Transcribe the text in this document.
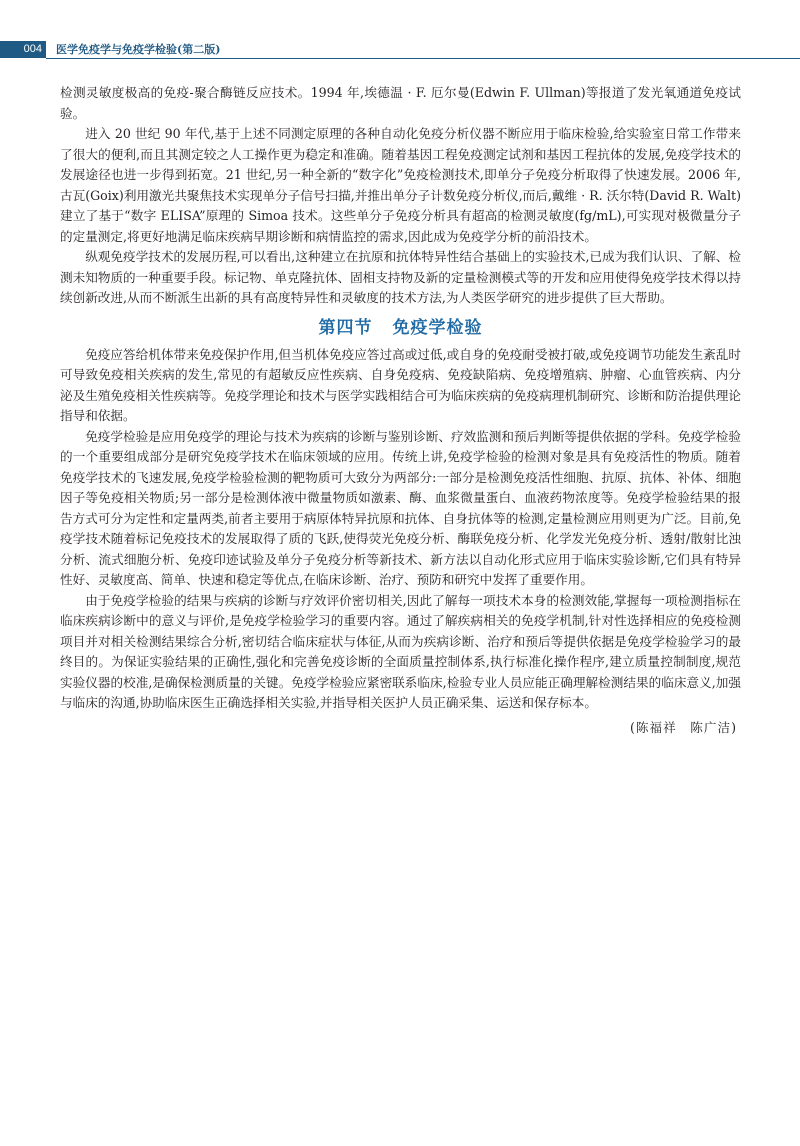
004	医学免疫学与免疫学检验(第二版)

检测灵敏度极高的免疫-聚合酶链反应技术。1994 年,埃德温 · F. 厄尔曼(Edwin F. Ullman)等报道了发光氧通道免疫试验。

进入 20 世纪 90 年代,基于上述不同测定原理的各种自动化免疫分析仪器不断应用于临床检验,给实验室日常工作带来了很大的便利,而且其测定较之人工操作更为稳定和准确。随着基因工程免疫测定试剂和基因工程抗体的发展,免疫学技术的发展途径也进一步得到拓宽。21 世纪,另一种全新的“数字化”免疫检测技术,即单分子免疫分析取得了快速发展。2006 年,古瓦(Goix)利用激光共聚焦技术实现单分子信号扫描,并推出单分子计数免疫分析仪,而后,戴维 · R. 沃尔特(David R. Walt)建立了基于“数字 ELISA”原理的 Simoa 技术。这些单分子免疫分析具有超高的检测灵敏度(fg/mL),可实现对极微量分子的定量测定,将更好地满足临床疾病早期诊断和病情监控的需求,因此成为免疫学分析的前沿技术。

纵观免疫学技术的发展历程,可以看出,这种建立在抗原和抗体特异性结合基础上的实验技术,已成为我们认识、了解、检测未知物质的一种重要手段。标记物、单克隆抗体、固相支持物及新的定量检测模式等的开发和应用使得免疫学技术得以持续创新改进,从而不断派生出新的具有高度特异性和灵敏度的技术方法,为人类医学研究的进步提供了巨大帮助。

第四节 免疫学检验

免疫应答给机体带来免疫保护作用,但当机体免疫应答过高或过低,或自身的免疫耐受被打破,或免疫调节功能发生紊乱时可导致免疫相关疾病的发生,常见的有超敏反应性疾病、自身免疫病、免疫缺陷病、免疫增殖病、肿瘤、心血管疾病、内分泌及生殖免疫相关性疾病等。免疫学理论和技术与医学实践相结合可为临床疾病的免疫病理机制研究、诊断和防治提供理论指导和依据。

免疫学检验是应用免疫学的理论与技术为疾病的诊断与鉴别诊断、疗效监测和预后判断等提供依据的学科。免疫学检验的一个重要组成部分是研究免疫学技术在临床领域的应用。传统上讲,免疫学检验的检测对象是具有免疫活性的物质。随着免疫学技术的飞速发展,免疫学检验检测的靶物质可大致分为两部分:一部分是检测免疫活性细胞、抗原、抗体、补体、细胞因子等免疫相关物质;另一部分是检测体液中微量物质如激素、酶、血浆微量蛋白、血液药物浓度等。免疫学检验结果的报告方式可分为定性和定量两类,前者主要用于病原体特异抗原和抗体、自身抗体等的检测,定量检测应用则更为广泛。目前,免疫学技术随着标记免疫技术的发展取得了质的飞跃,使得荧光免疫分析、酶联免疫分析、化学发光免疫分析、透射/散射比浊分析、流式细胞分析、免疫印迹试验及单分子免疫分析等新技术、新方法以自动化形式应用于临床实验诊断,它们具有特异性好、灵敏度高、简单、快速和稳定等优点,在临床诊断、治疗、预防和研究中发挥了重要作用。

由于免疫学检验的结果与疾病的诊断与疗效评价密切相关,因此了解每一项技术本身的检测效能,掌握每一项检测指标在临床疾病诊断中的意义与评价,是免疫学检验学习的重要内容。通过了解疾病相关的免疫学机制,针对性选择相应的免疫检测项目并对相关检测结果综合分析,密切结合临床症状与体征,从而为疾病诊断、治疗和预后等提供依据是免疫学检验学习的最终目的。为保证实验结果的正确性,强化和完善免疫诊断的全面质量控制体系,执行标准化操作程序,建立质量控制制度,规范实验仪器的校准,是确保检测质量的关键。免疫学检验应紧密联系临床,检验专业人员应能正确理解检测结果的临床意义,加强与临床的沟通,协助临床医生正确选择相关实验,并指导相关医护人员正确采集、运送和保存标本。

(陈福祥　陈广洁)
